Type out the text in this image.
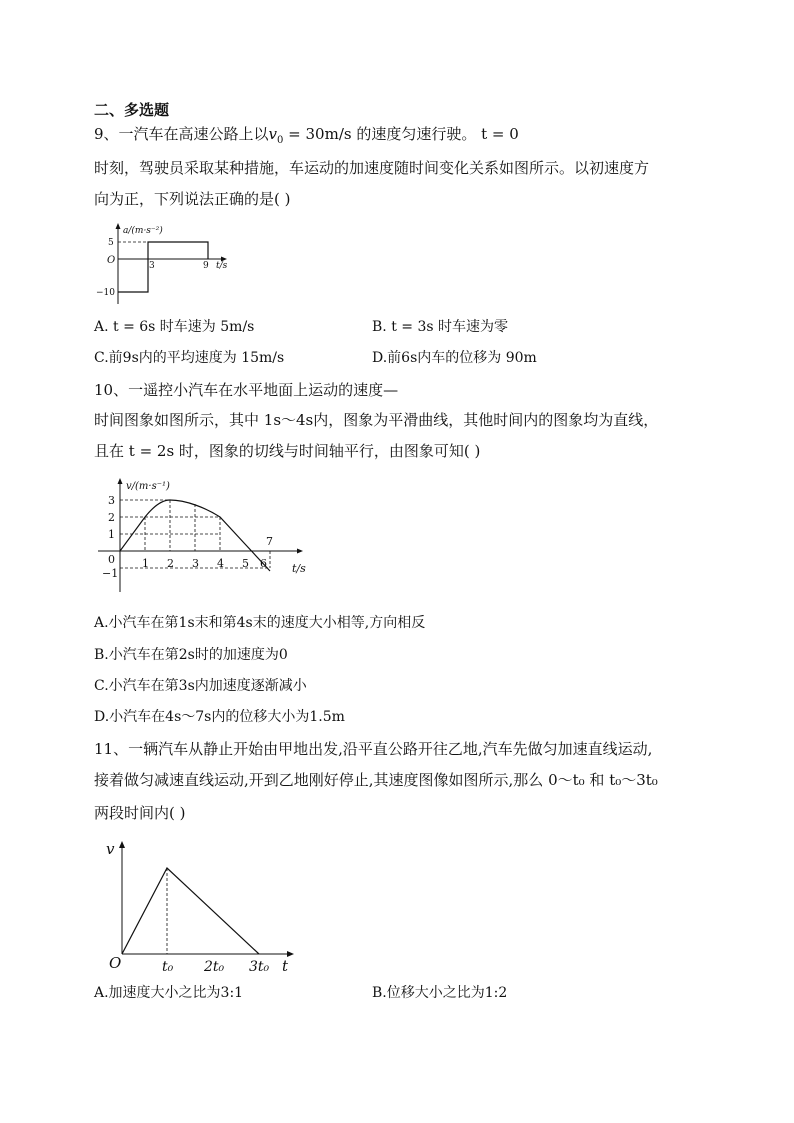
二、多选题
9、一汽车在高速公路上以$v_0 = 30m/s$ 的速度匀速行驶。 t = 0
时刻，驾驶员采取某种措施，车运动的加速度随时间变化关系如图所示。以初速度方
向为正，下列说法正确的是( )
a/(m·s⁻²)
5
O
−10
3	9 t/s
A. t = 6s 时车速为 5m/s	B. t = 3s 时车速为零
C.前9s内的平均速度为 15m/s	D.前6s内车的位移为 90m
10、一遥控小汽车在水平地面上运动的速度—
时间图象如图所示，其中 1s～4s内，图象为平滑曲线，其他时间内的图象均为直线，
且在 t = 2s 时，图象的切线与时间轴平行，由图象可知( )
v/(m·s⁻¹)
3
2
1
0
−1
1 2 3 4 5 6
7
t/s
A.小汽车在第1s末和第4s末的速度大小相等,方向相反
B.小汽车在第2s时的加速度为0
C.小汽车在第3s内加速度逐渐减小
D.小汽车在4s～7s内的位移大小为1.5m
11、一辆汽车从静止开始由甲地出发,沿平直公路开往乙地,汽车先做匀加速直线运动,
接着做匀减速直线运动,开到乙地刚好停止,其速度图像如图所示,那么 0～t₀ 和 t₀～3t₀
两段时间内( )
v
O	t₀ 2t₀ 3t₀ t
A.加速度大小之比为3:1	B.位移大小之比为1:2
